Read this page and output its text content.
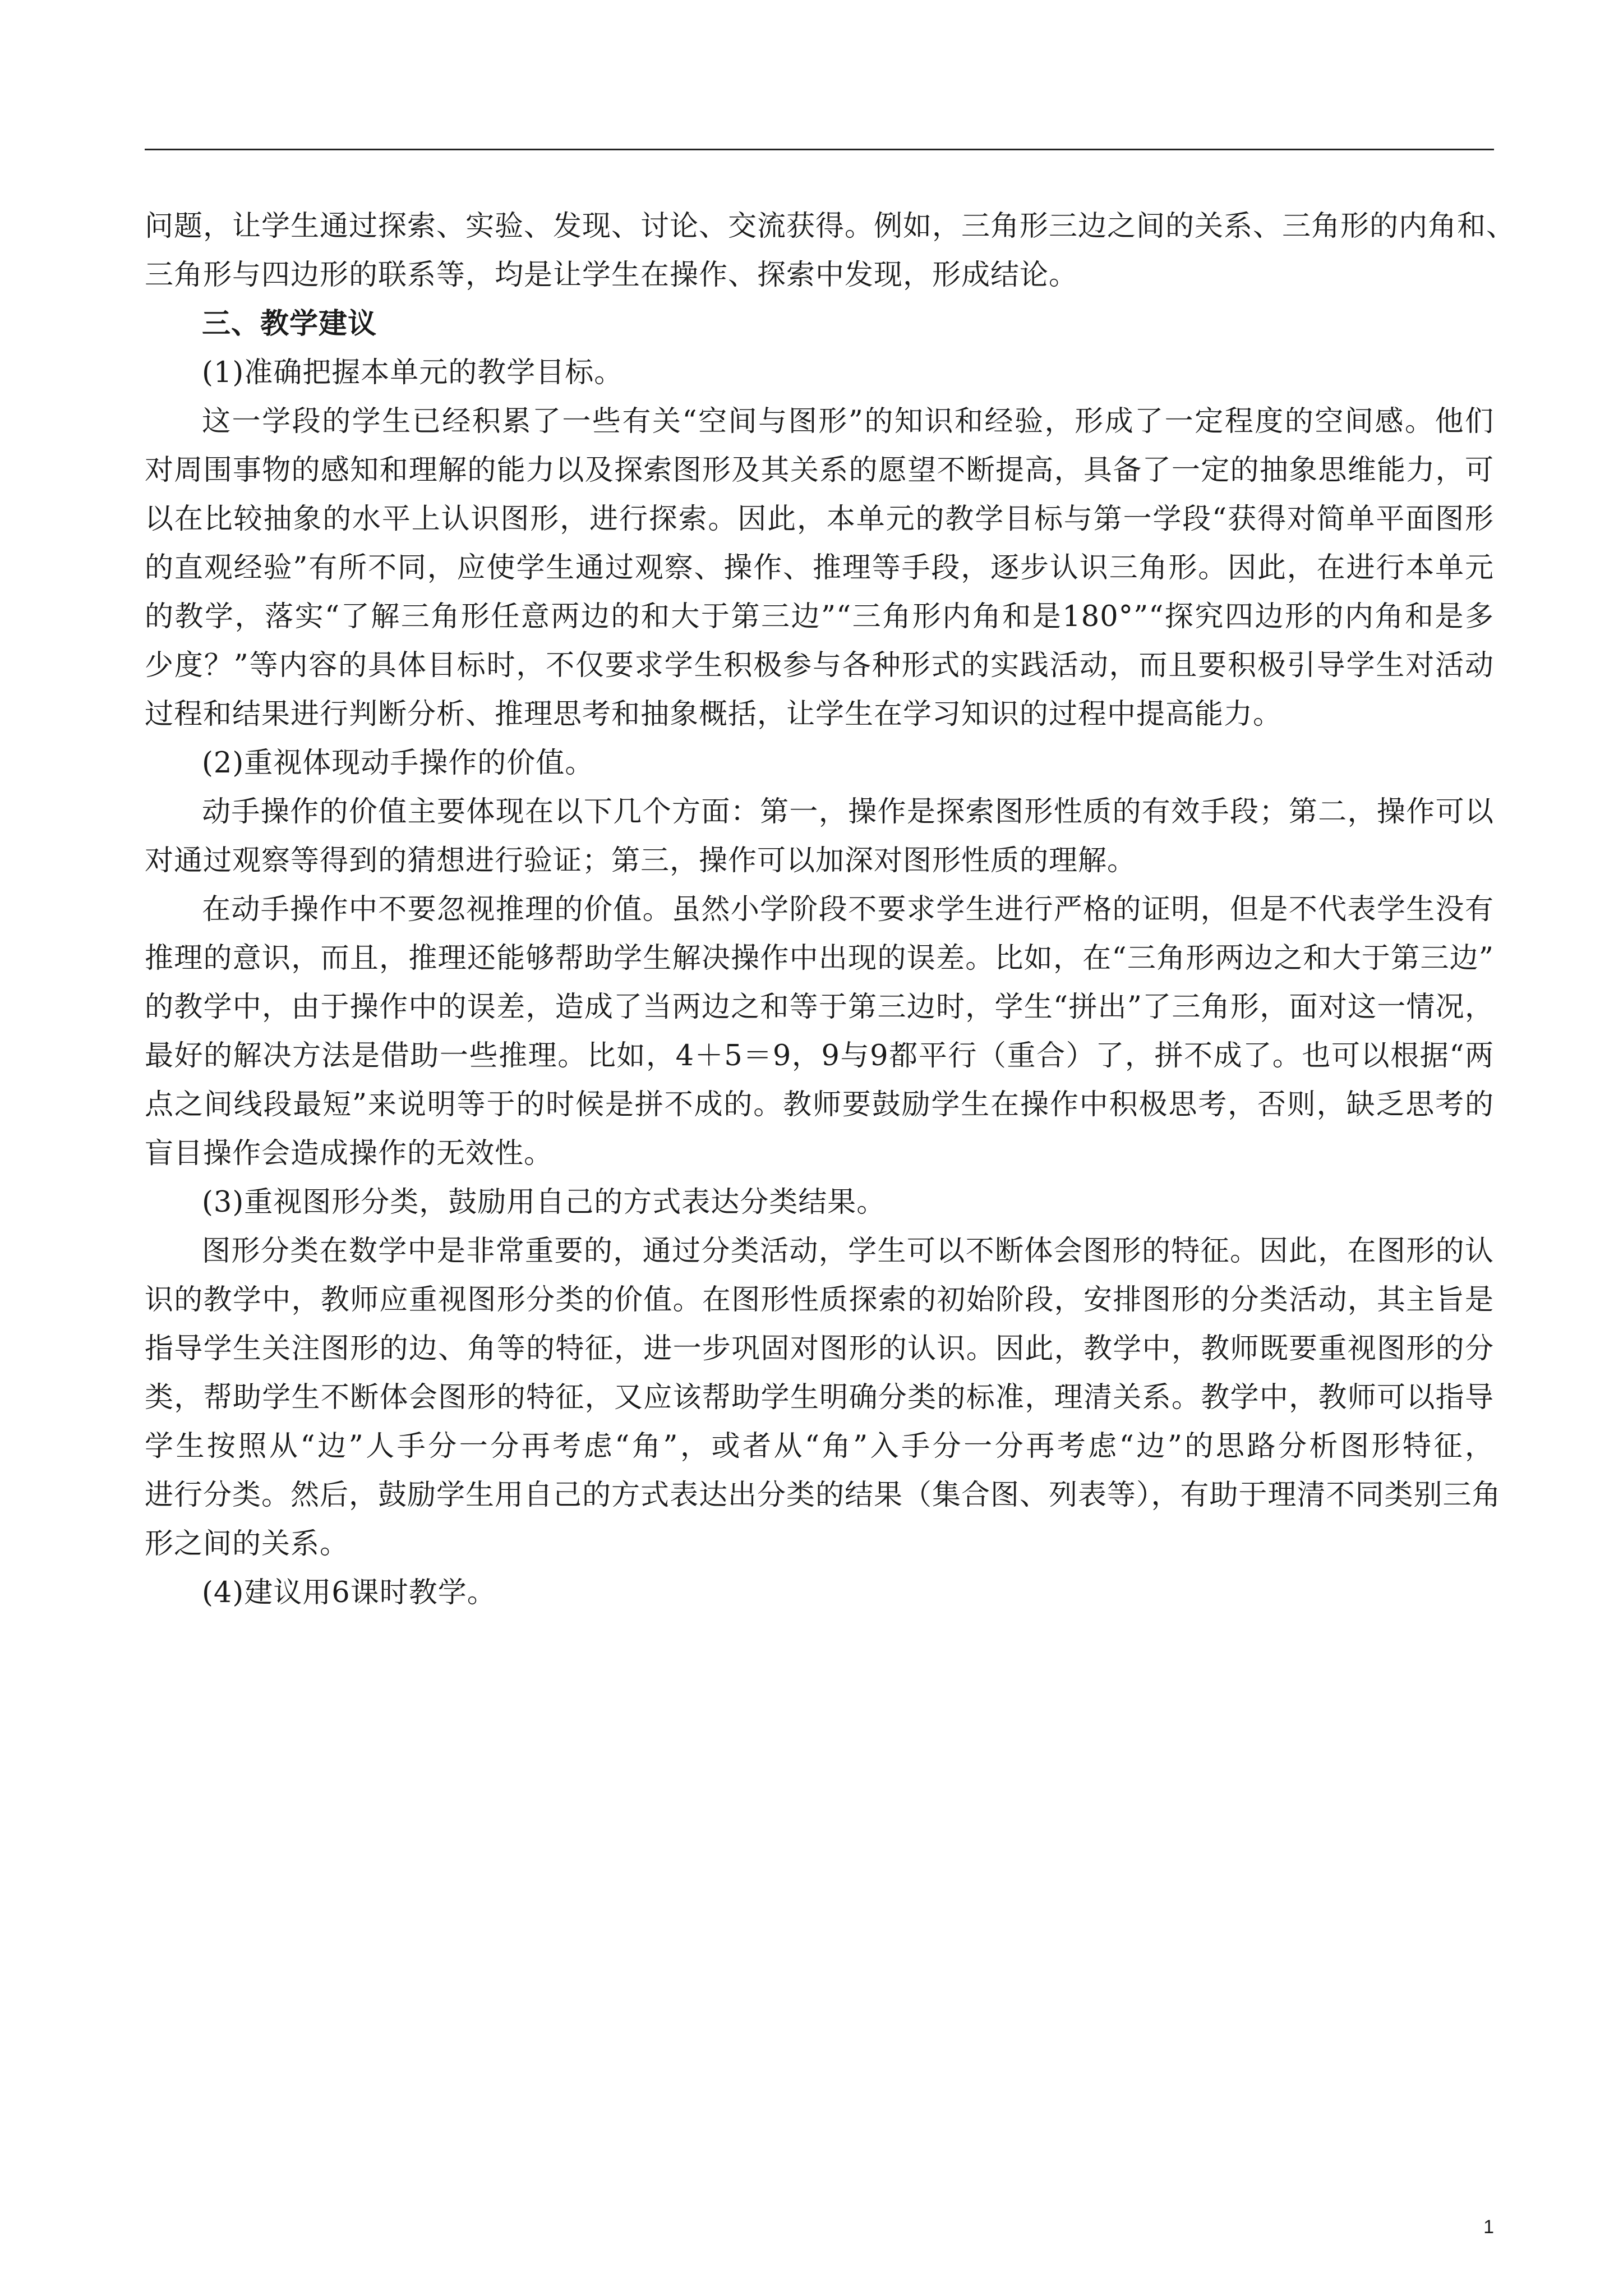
问题，让学生通过探索、实验、发现、讨论、交流获得。例如，三角形三边之间的关系、三角形的内角和、

三角形与四边形的联系等，均是让学生在操作、探索中发现，形成结论。

三、教学建议

(1)准确把握本单元的教学目标。

这一学段的学生已经积累了一些有关“空间与图形”的知识和经验，形成了一定程度的空间感。他们

对周围事物的感知和理解的能力以及探索图形及其关系的愿望不断提高，具备了一定的抽象思维能力，可

以在比较抽象的水平上认识图形，进行探索。因此，本单元的教学目标与第一学段“获得对简单平面图形

的直观经验”有所不同，应使学生通过观察、操作、推理等手段，逐步认识三角形。因此，在进行本单元

的教学，落实“了解三角形任意两边的和大于第三边”“三角形内角和是180°”“探究四边形的内角和是多

少度？”等内容的具体目标时，不仅要求学生积极参与各种形式的实践活动，而且要积极引导学生对活动

过程和结果进行判断分析、推理思考和抽象概括，让学生在学习知识的过程中提高能力。

(2)重视体现动手操作的价值。

动手操作的价值主要体现在以下几个方面：第一，操作是探索图形性质的有效手段；第二，操作可以

对通过观察等得到的猜想进行验证；第三，操作可以加深对图形性质的理解。

在动手操作中不要忽视推理的价值。虽然小学阶段不要求学生进行严格的证明，但是不代表学生没有

推理的意识，而且，推理还能够帮助学生解决操作中出现的误差。比如，在“三角形两边之和大于第三边”

的教学中，由于操作中的误差，造成了当两边之和等于第三边时，学生“拼出”了三角形，面对这一情况，

最好的解决方法是借助一些推理。比如，4＋5＝9，9与9都平行（重合）了，拼不成了。也可以根据“两

点之间线段最短”来说明等于的时候是拼不成的。教师要鼓励学生在操作中积极思考，否则，缺乏思考的

盲目操作会造成操作的无效性。

(3)重视图形分类，鼓励用自己的方式表达分类结果。

图形分类在数学中是非常重要的，通过分类活动，学生可以不断体会图形的特征。因此，在图形的认

识的教学中，教师应重视图形分类的价值。在图形性质探索的初始阶段，安排图形的分类活动，其主旨是

指导学生关注图形的边、角等的特征，进一步巩固对图形的认识。因此，教学中，教师既要重视图形的分

类，帮助学生不断体会图形的特征，又应该帮助学生明确分类的标准，理清关系。教学中，教师可以指导

学生按照从“边”人手分一分再考虑“角”，或者从“角”入手分一分再考虑“边”的思路分析图形特征，

进行分类。然后，鼓励学生用自己的方式表达出分类的结果（集合图、列表等），有助于理清不同类别三角

形之间的关系。

(4)建议用6课时教学。

1
